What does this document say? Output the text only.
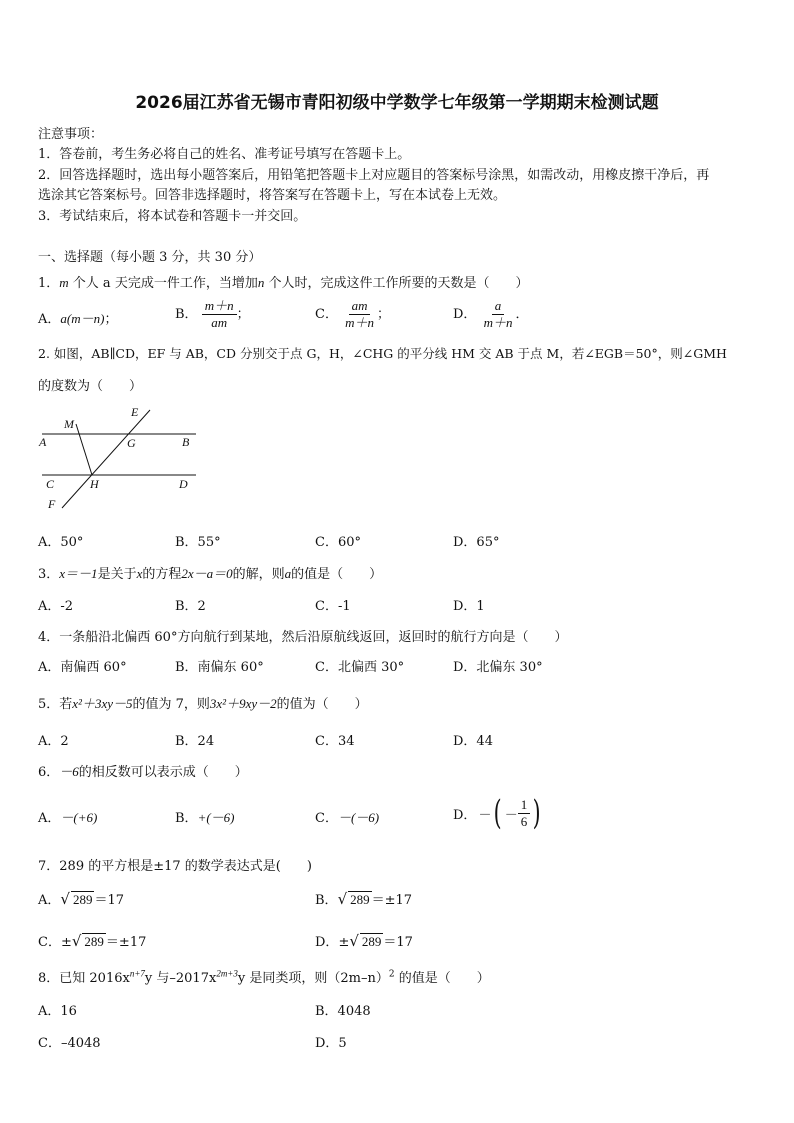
2026届江苏省无锡市青阳初级中学数学七年级第一学期期末检测试题
注意事项：
1．答卷前，考生务必将自己的姓名、准考证号填写在答题卡上。
2．回答选择题时，选出每小题答案后，用铅笔把答题卡上对应题目的答案标号涂黑，如需改动，用橡皮擦干净后，再
选涂其它答案标号。回答非选择题时，将答案写在答题卡上，写在本试卷上无效。
3．考试结束后，将本试卷和答题卡一并交回。
一、选择题（每小题 3 分，共 30 分）
1．m 个人 a 天完成一件工作，当增加n 个人时，完成这件工作所要的天数是（　　）
A．a(m－n)；	B． $\frac{m+n}{am}$ ；	C． $\frac{am}{m+n}$ ；	D． $\frac{a}{m+n}$ ．
2. 如图，AB∥CD，EF 与 AB，CD 分别交于点 G，H，∠CHG 的平分线 HM 交 AB 于点 M，若∠EGB＝50°，则∠GMH
的度数为（　　）
E
M
A	G	B
C	H	D
F
A．50°	B．55°	C．60°	D．65°
3．x＝－1是关于x的方程2x－a＝0的解，则a的值是（　　）
A．-2	B．2	C．-1	D．1
4．一条船沿北偏西 60°方向航行到某地，然后沿原航线返回，返回时的航行方向是（　　）
A．南偏西 60°	B．南偏东 60°	C．北偏西 30°	D．北偏东 30°
5．若x²＋3xy－5的值为 7，则3x²＋9xy－2的值为（　　）
A．2	B．24	C．34	D．44
6．－6的相反数可以表示成（　　）
A．－(+6)	B．+(－6)	C．－(－6)	D． － ( － $\frac{1}{6}$ )
7．289 的平方根是±17 的数学表达式是(　　)
A．√ 289 ＝17	B．√ 289 ＝±17
C．±√ 289 ＝±17	D．±√ 289 ＝17
8．已知 $2016x^{n+7}y$ 与$-2017x^{2m+3}y$ 是同类项，则$(2m-n)^2$ 的值是（　　）
A．16	B．4048
C．–4048	D．5
